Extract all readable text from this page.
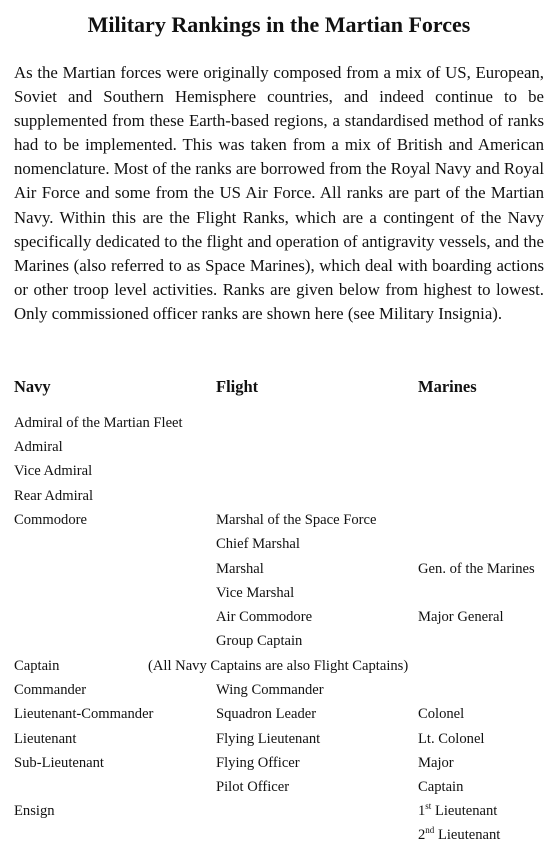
Military Rankings in the Martian Forces

As the Martian forces were originally composed from a mix of US, European, Soviet and Southern Hemisphere countries, and indeed continue to be supplemented from these Earth-based regions, a standardised method of ranks had to be implemented. This was taken from a mix of British and American nomenclature. Most of the ranks are borrowed from the Royal Navy and Royal Air Force and some from the US Air Force. All ranks are part of the Martian Navy. Within this are the Flight Ranks, which are a contingent of the Navy specifically dedicated to the flight and operation of antigravity vessels, and the Marines (also referred to as Space Marines), which deal with boarding actions or other troop level activities. Ranks are given below from highest to lowest. Only commissioned officer ranks are shown here (see Military Insignia).

Navy	Flight	Marines
Admiral of the Martian Fleet
Admiral
Vice Admiral
Rear Admiral
Commodore
Captain
Commander
Lieutenant-Commander
Lieutenant
Sub-Lieutenant
Ensign
Marshal of the Space Force
Chief Marshal
Marshal
Vice Marshal
Air Commodore
Group Captain
(All Navy Captains are also Flight Captains)
Wing Commander
Squadron Leader
Flying Lieutenant
Flying Officer
Pilot Officer
Gen. of the Marines
Major General
Colonel
Lt. Colonel
Major
Captain
1st Lieutenant
2nd Lieutenant
